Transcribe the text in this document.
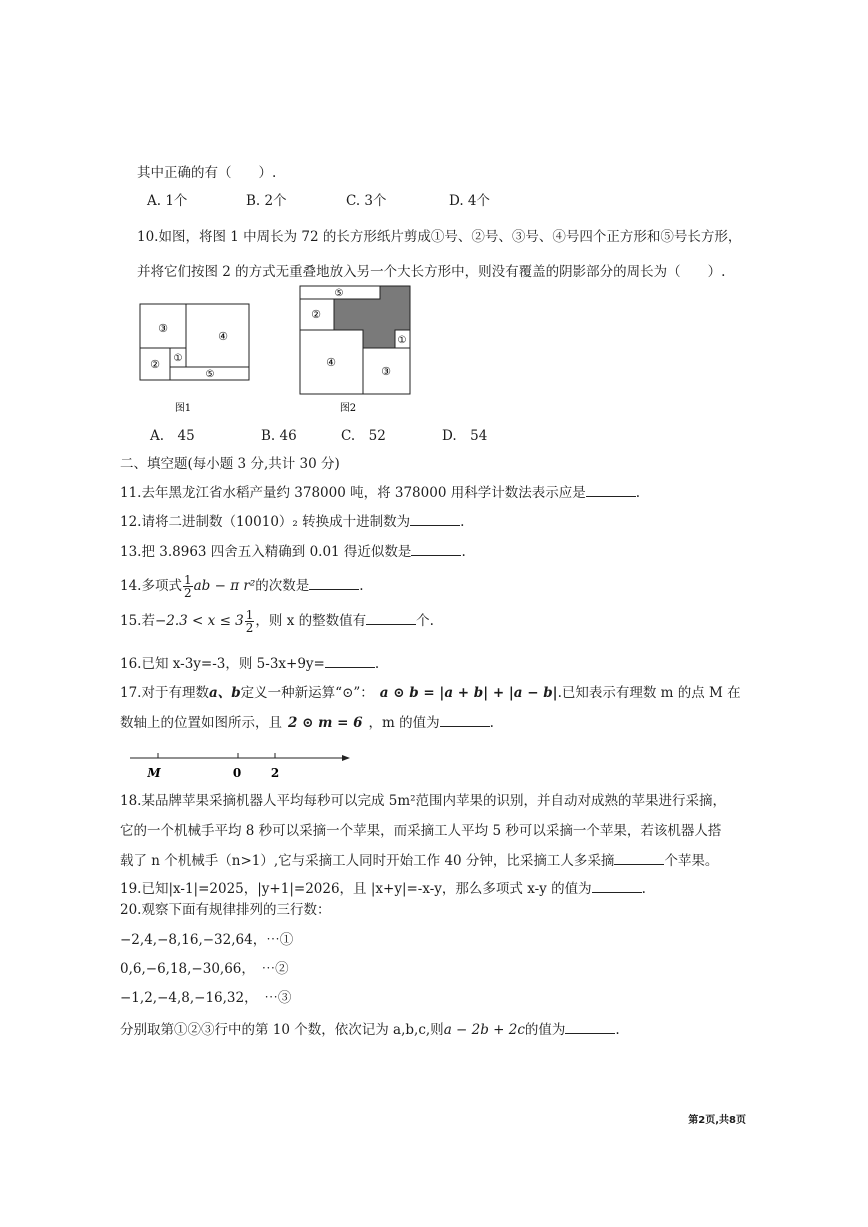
其中正确的有（　　）.
A. 1个	B. 2个	C. 3个	D. 4个
10.如图，将图 1 中周长为 72 的长方形纸片剪成①号、②号、③号、④号四个正方形和⑤号长方形，
并将它们按图 2 的方式无重叠地放入另一个大长方形中，则没有覆盖的阴影部分的周长为（　　）.
③
④
② ①
⑤
图1
⑤
②
④
①
③
图2
A.　45	B. 46	C.　52	D.　54
二、填空题(每小题 3 分,共计 30 分)
11.去年黑龙江省水稻产量约 378000 吨，将 378000 用科学计数法表示应是	.
12.请将二进制数（10010）₂ 转换成十进制数为	.
13.把 3.8963 四舍五入精确到 0.01 得近似数是	.
14.多项式 $\frac{1}{2}$ ab − π r²的次数是	.
15.若$-2.3 < x \le 3 \frac{1}{2}$ ，则 x 的整数值有	个.
16.已知 x-3y=-3，则 5-3x+9y=	.
17.对于有理数a、b定义一种新运算“⊙”： a ⊙ b = |a + b| + |a − b|.已知表示有理数 m 的点 M 在
数轴上的位置如图所示，且 2 ⊙ m = 6 ，m 的值为	.
M	0 2
18.某品牌苹果采摘机器人平均每秒可以完成 5m²范围内苹果的识别，并自动对成熟的苹果进行采摘，
它的一个机械手平均 8 秒可以采摘一个苹果，而采摘工人平均 5 秒可以采摘一个苹果，若该机器人搭
载了 n 个机械手（n>1）,它与采摘工人同时开始工作 40 分钟，比采摘工人多采摘	个苹果。
19.已知|x-1|=2025，|y+1|=2026，且 |x+y|=-x-y，那么多项式 x-y 的值为	.
20.观察下面有规律排列的三行数：
−2,4,−8,16,−32,64，⋯①
0,6,−6,18,−30,66，　⋯②
−1,2,−4,8,−16,32，　⋯③
分别取第①②③行中的第 10 个数，依次记为 a,b,c,则a − 2b + 2c的值为	.
第2页,共8页
